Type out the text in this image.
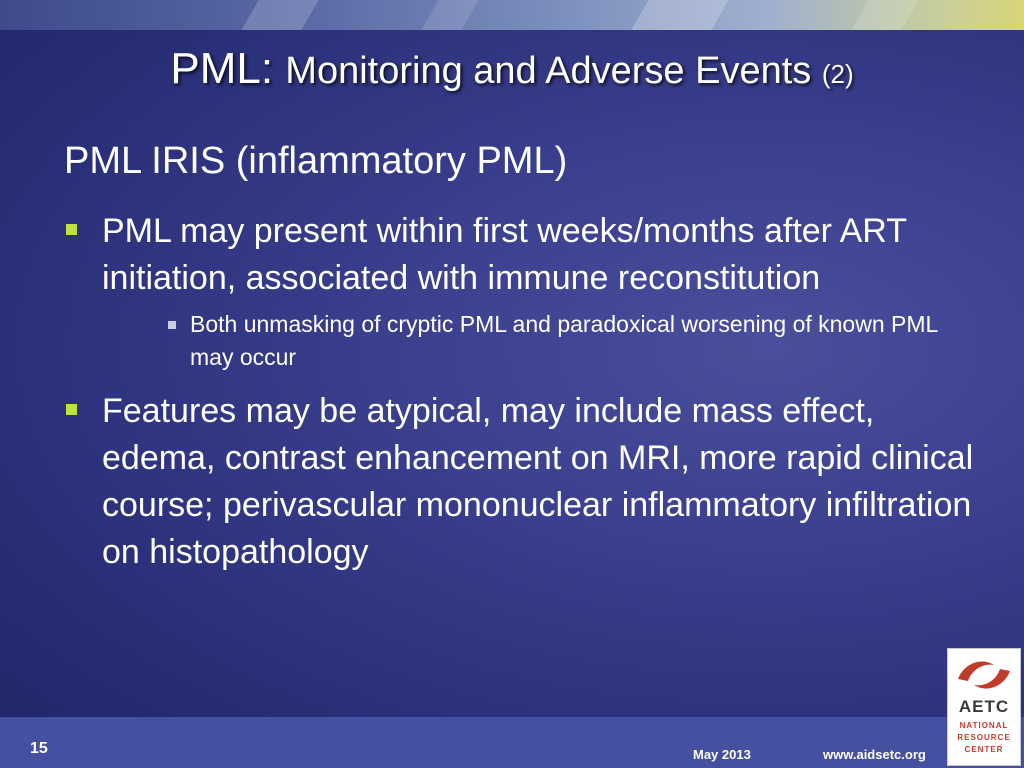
PML: Monitoring and Adverse Events (2)
PML IRIS (inflammatory PML)
PML may present within first weeks/months after ART initiation, associated with immune reconstitution
Both unmasking of cryptic PML and paradoxical worsening of known PML may occur
Features may be atypical, may include mass effect, edema, contrast enhancement on MRI, more rapid clinical course; perivascular mononuclear inflammatory infiltration on histopathology
15	May 2013	www.aidsetc.org
AETC
NATIONAL
RESOURCE
CENTER
